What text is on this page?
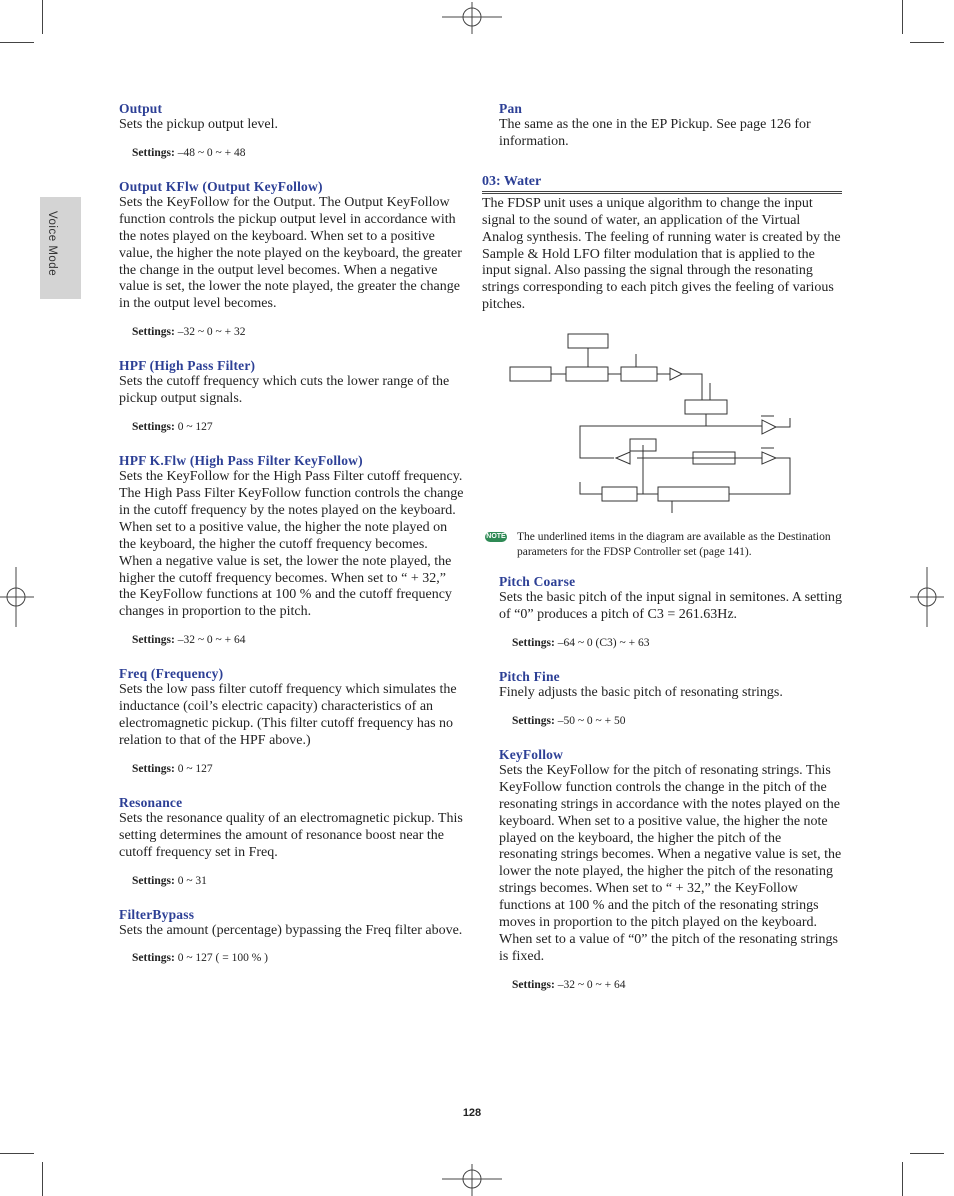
Voice Mode
Output

Sets the pickup output level.

Settings: –48 ~ 0 ~ + 48
Output KFlw (Output KeyFollow)

Sets the KeyFollow for the Output. The Output KeyFollow function controls the pickup output level in accordance with the notes played on the keyboard. When set to a positive value, the higher the note played on the keyboard, the greater the change in the output level becomes. When a negative value is set, the lower the note played, the greater the change in the output level becomes.

Settings: –32 ~ 0 ~ + 32
HPF (High Pass Filter)

Sets the cutoff frequency which cuts the lower range of the pickup output signals.

Settings: 0 ~ 127
HPF K.Flw (High Pass Filter KeyFollow)

Sets the KeyFollow for the High Pass Filter cutoff frequency. The High Pass Filter KeyFollow function controls the change in the cutoff frequency by the notes played on the keyboard. When set to a positive value, the higher the note played on the keyboard, the higher the cutoff frequency becomes. When a negative value is set, the lower the note played, the higher the cutoff frequency becomes. When set to “ + 32,” the KeyFollow functions at 100 % and the cutoff frequency changes in proportion to the pitch.

Settings: –32 ~ 0 ~ + 64
Freq (Frequency)

Sets the low pass filter cutoff frequency which simulates the inductance (coil’s electric capacity) characteristics of an electromagnetic pickup. (This filter cutoff frequency has no relation to that of the HPF above.)

Settings: 0 ~ 127
Resonance

Sets the resonance quality of an electromagnetic pickup. This setting determines the amount of resonance boost near the cutoff frequency set in Freq.

Settings: 0 ~ 31
FilterBypass

Sets the amount (percentage) bypassing the Freq filter above.

Settings: 0 ~ 127 ( = 100 % )
Pan

The same as the one in the EP Pickup. See page 126 for information.

03: Water

The FDSP unit uses a unique algorithm to change the input signal to the sound of water, an application of the Virtual Analog synthesis. The feeling of running water is created by the Sample & Hold LFO filter modulation that is applied to the input signal. Also passing the signal through the resonating strings corresponding to each pitch gives the feeling of various pitches.

NOTE The underlined items in the diagram are available as the Destination parameters for the FDSP Controller set (page 141).
Pitch Coarse

Sets the basic pitch of the input signal in semitones. A setting of “0” produces a pitch of C3 = 261.63Hz.

Settings: –64 ~ 0 (C3) ~ + 63
Pitch Fine

Finely adjusts the basic pitch of resonating strings.

Settings: –50 ~ 0 ~ + 50
KeyFollow

Sets the KeyFollow for the pitch of resonating strings. This KeyFollow function controls the change in the pitch of the resonating strings in accordance with the notes played on the keyboard. When set to a positive value, the higher the note played on the keyboard, the higher the pitch of the resonating strings becomes. When a negative value is set, the lower the note played, the higher the pitch of the resonating strings becomes. When set to “ + 32,” the KeyFollow functions at 100 % and the pitch of the resonating strings moves in proportion to the pitch played on the keyboard. When set to a value of “0” the pitch of the resonating strings is fixed.

Settings: –32 ~ 0 ~ + 64
128
